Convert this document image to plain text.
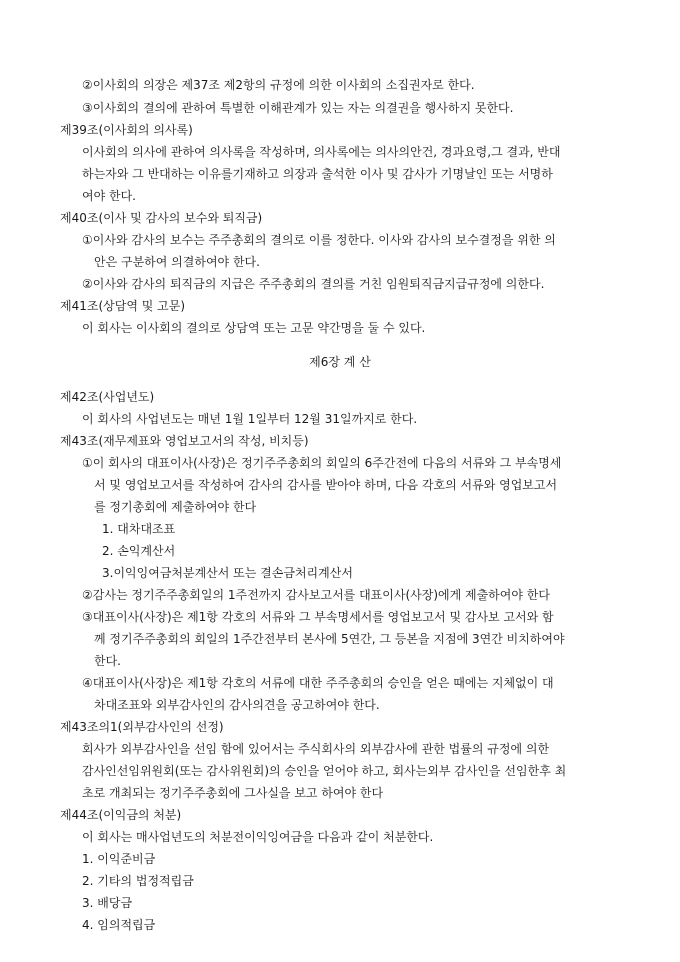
②이사회의 의장은 제37조 제2항의 규정에 의한 이사회의 소집권자로 한다.
③이사회의 결의에 관하여 특별한 이해관계가 있는 자는 의결권을 행사하지 못한다.
제39조(이사회의 의사록)
이사회의 의사에 관하여 의사록을 작성하며, 의사록에는 의사의안건, 경과요령,그 결과, 반대
하는자와 그 반대하는 이유를기재하고 의장과 출석한 이사 및 감사가 기명날인 또는 서명하
여야 한다.
제40조(이사 및 감사의 보수와 퇴직금)
①이사와 감사의 보수는 주주총회의 결의로 이를 정한다. 이사와 감사의 보수결정을 위한 의
안은 구분하여 의결하여야 한다.
②이사와 감사의 퇴직금의 지급은 주주총회의 결의를 거친 임원퇴직금지급규정에 의한다.
제41조(상담역 및 고문)
이 회사는 이사회의 결의로 상담역 또는 고문 약간명을 둘 수 있다.
제6장 계 산
제42조(사업년도)
이 회사의 사업년도는 매년 1월 1일부터 12월 31일까지로 한다.
제43조(재무제표와 영업보고서의 작성, 비치등)
①이 회사의 대표이사(사장)은 정기주주총회의 회일의 6주간전에 다음의 서류와 그 부속명세
서 및 영업보고서를 작성하여 감사의 감사를 받아야 하며, 다음 각호의 서류와 영업보고서
를 정기총회에 제출하여야 한다
1. 대차대조표
2. 손익계산서
3.이익잉여금처분계산서 또는 결손금처리계산서
②감사는 정기주주총회일의 1주전까지 감사보고서를 대표이사(사장)에게 제출하여야 한다
③대표이사(사장)은 제1항 각호의 서류와 그 부속명세서를 영업보고서 및 감사보 고서와 함
께 정기주주총회의 회일의 1주간전부터 본사에 5연간, 그 등본을 지점에 3연간 비치하여야
한다.
④대표이사(사장)은 제1항 각호의 서류에 대한 주주총회의 승인을 얻은 때에는 지체없이 대
차대조표와 외부감사인의 감사의견을 공고하여야 한다.
제43조의1(외부감사인의 선정)
회사가 외부감사인을 선임 함에 있어서는 주식회사의 외부감사에 관한 법률의 규정에 의한
감사인선임위원회(또는 감사위원회)의 승인을 얻어야 하고, 회사는외부 감사인을 선임한후 최
초로 개최되는 정기주주총회에 그사실을 보고 하여야 한다
제44조(이익금의 처분)
이 회사는 매사업년도의 처분전이익잉여금을 다음과 같이 처분한다.
1. 이익준비금
2. 기타의 법정적립금
3. 배당금
4. 임의적립금
